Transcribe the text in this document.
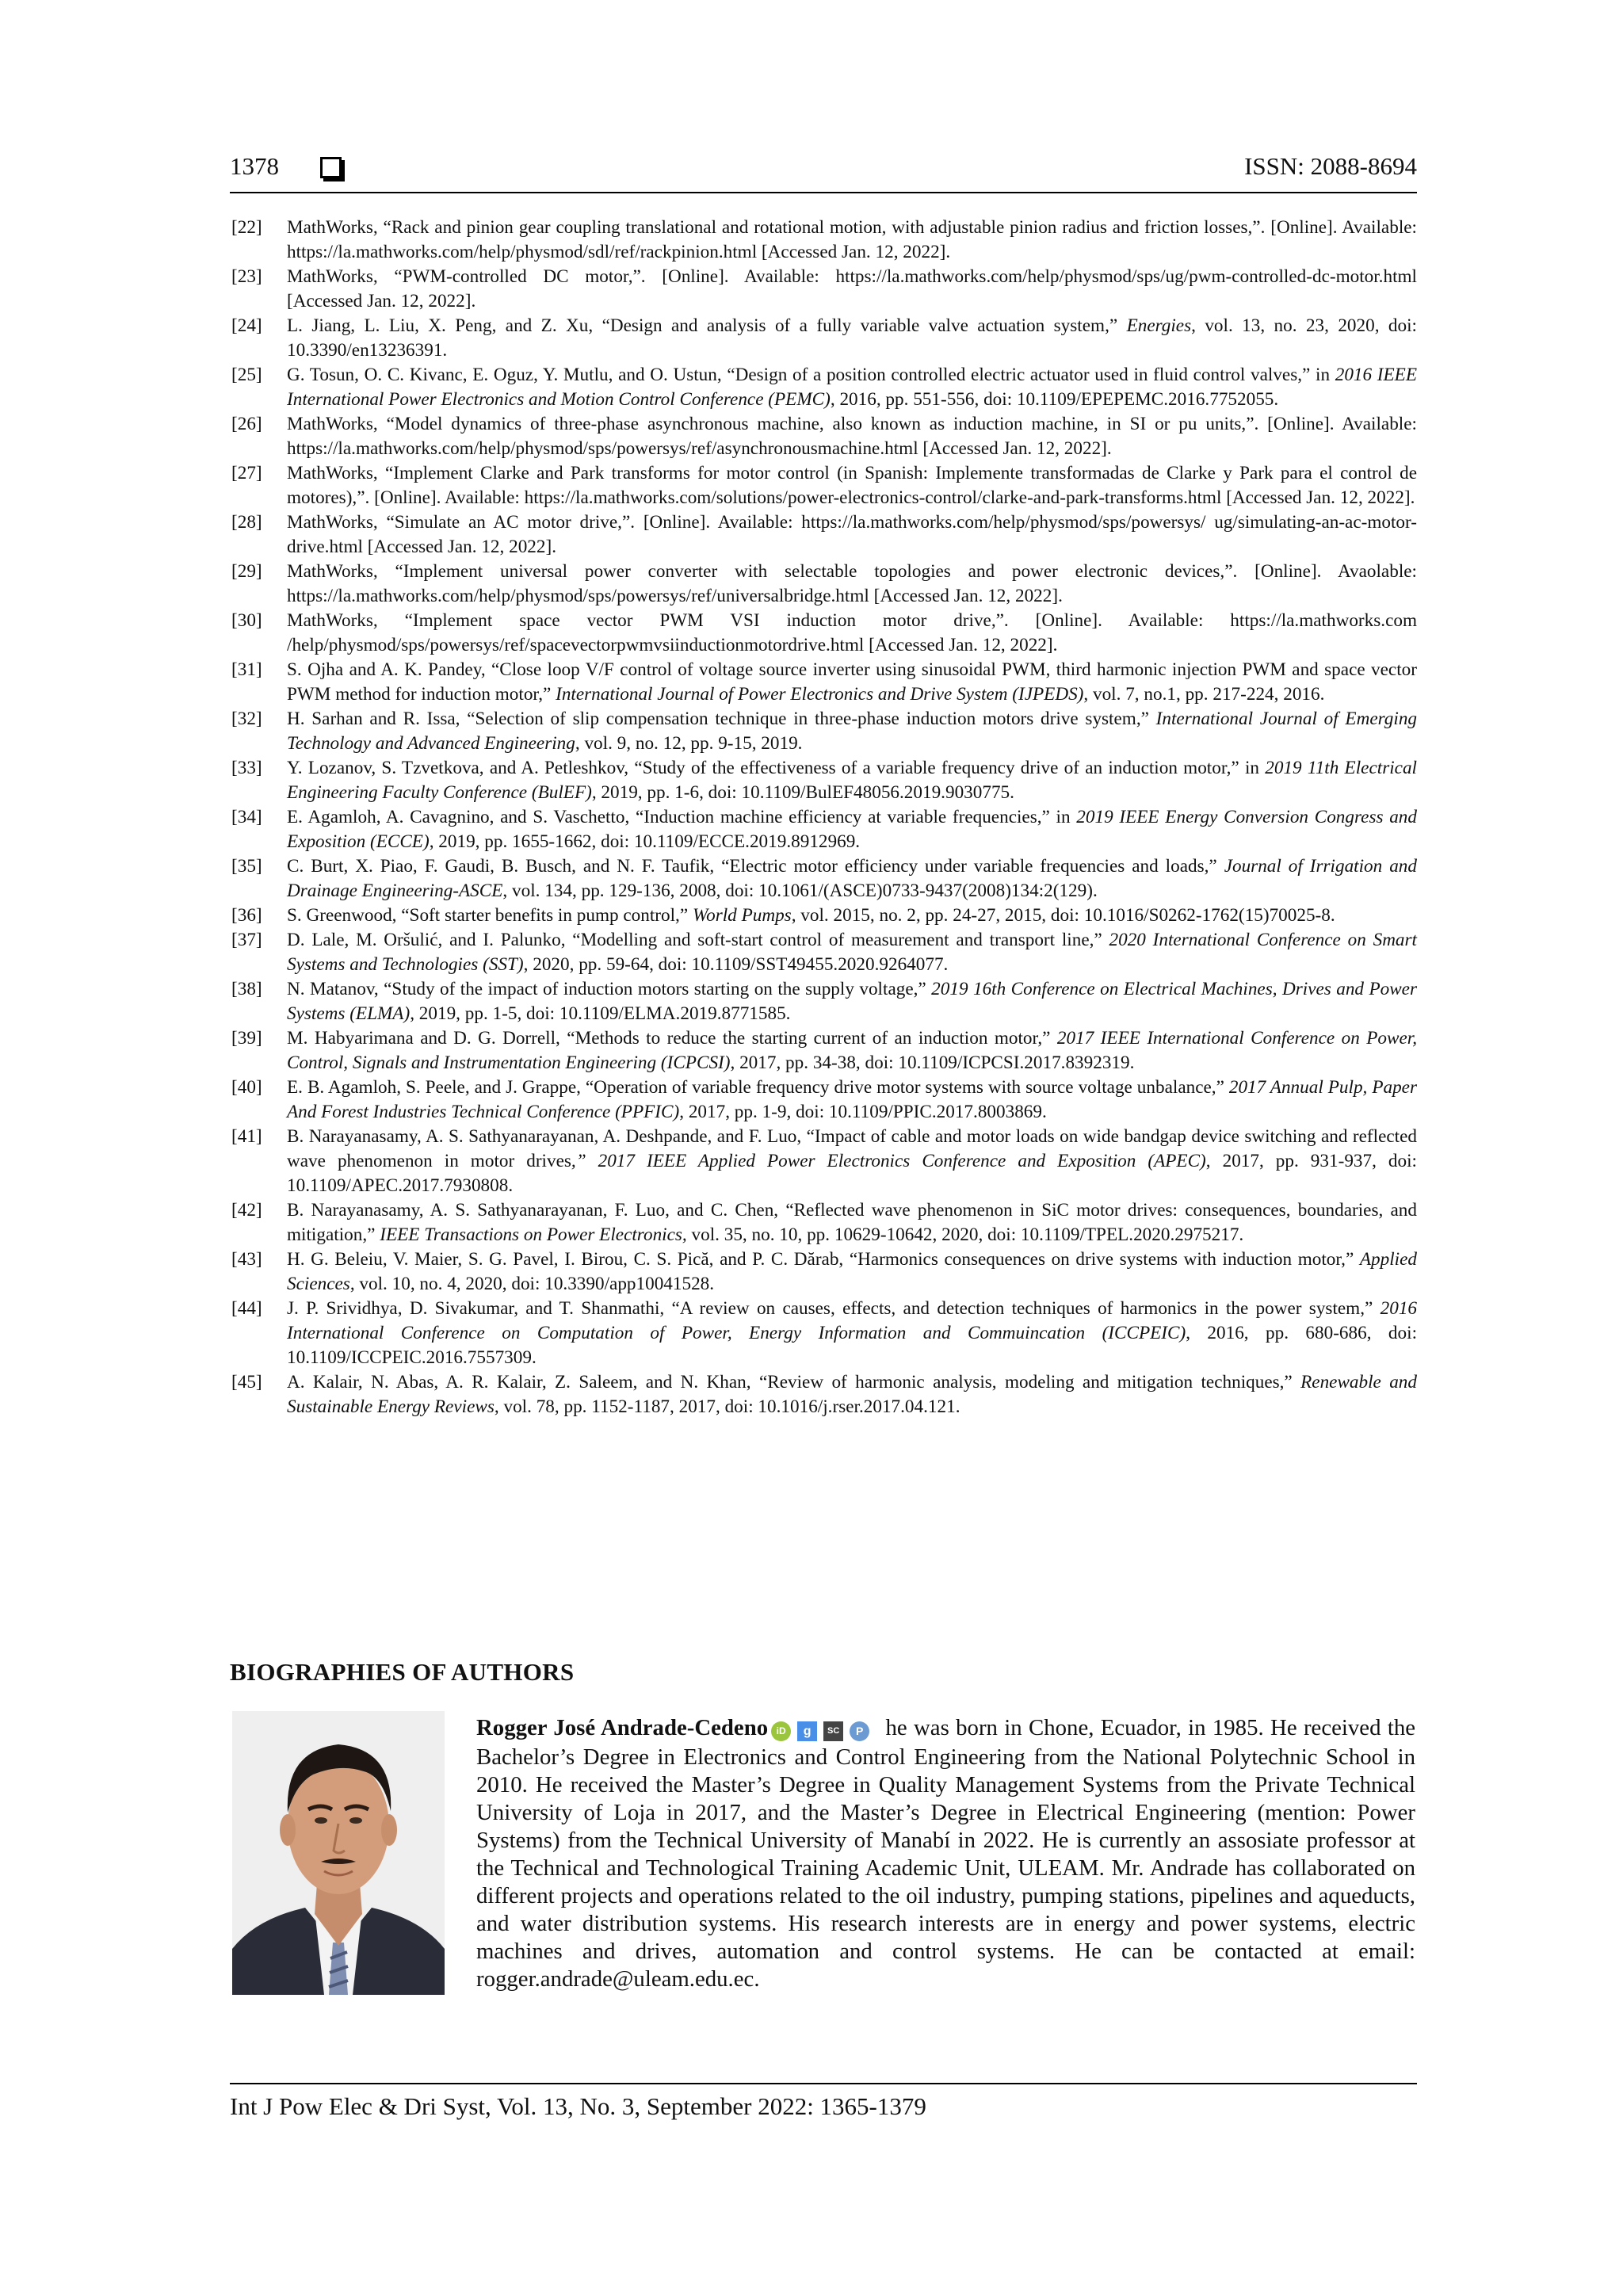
1378	ISSN: 2088-8694
[22] MathWorks, “Rack and pinion gear coupling translational and rotational motion, with adjustable pinion radius and friction losses,”. [Online]. Available: https://la.mathworks.com/help/physmod/sdl/ref/rackpinion.html [Accessed Jan. 12, 2022].
[23] MathWorks, “PWM-controlled DC motor,”. [Online]. Available: https://la.mathworks.com/help/physmod/sps/ug/pwm-controlled-dc-motor.html [Accessed Jan. 12, 2022].
[24] L. Jiang, L. Liu, X. Peng, and Z. Xu, “Design and analysis of a fully variable valve actuation system,” Energies, vol. 13, no. 23, 2020, doi: 10.3390/en13236391.
[25] G. Tosun, O. C. Kivanc, E. Oguz, Y. Mutlu, and O. Ustun, “Design of a position controlled electric actuator used in fluid control valves,” in 2016 IEEE International Power Electronics and Motion Control Conference (PEMC), 2016, pp. 551-556, doi: 10.1109/EPEPEMC.2016.7752055.
[26] MathWorks, “Model dynamics of three-phase asynchronous machine, also known as induction machine, in SI or pu units,”. [Online]. Available: https://la.mathworks.com/help/physmod/sps/powersys/ref/asynchronousmachine.html [Accessed Jan. 12, 2022].
[27] MathWorks, “Implement Clarke and Park transforms for motor control (in Spanish: Implemente transformadas de Clarke y Park para el control de motores),”. [Online]. Available: https://la.mathworks.com/solutions/power-electronics-control/clarke-and-park-transforms.html [Accessed Jan. 12, 2022].
[28] MathWorks, “Simulate an AC motor drive,”. [Online]. Available: https://la.mathworks.com/help/physmod/sps/powersys/ ug/simulating-an-ac-motor-drive.html [Accessed Jan. 12, 2022].
[29] MathWorks, “Implement universal power converter with selectable topologies and power electronic devices,”. [Online]. Avaolable: https://la.mathworks.com/help/physmod/sps/powersys/ref/universalbridge.html [Accessed Jan. 12, 2022].
[30] MathWorks, “Implement space vector PWM VSI induction motor drive,”. [Online]. Available: https://la.mathworks.com /help/physmod/sps/powersys/ref/spacevectorpwmvsiinductionmotordrive.html [Accessed Jan. 12, 2022].
[31] S. Ojha and A. K. Pandey, “Close loop V/F control of voltage source inverter using sinusoidal PWM, third harmonic injection PWM and space vector PWM method for induction motor,” International Journal of Power Electronics and Drive System (IJPEDS), vol. 7, no.1, pp. 217-224, 2016.
[32] H. Sarhan and R. Issa, “Selection of slip compensation technique in three-phase induction motors drive system,” International Journal of Emerging Technology and Advanced Engineering, vol. 9, no. 12, pp. 9-15, 2019.
[33] Y. Lozanov, S. Tzvetkova, and A. Petleshkov, “Study of the effectiveness of a variable frequency drive of an induction motor,” in 2019 11th Electrical Engineering Faculty Conference (BulEF), 2019, pp. 1-6, doi: 10.1109/BulEF48056.2019.9030775.
[34] E. Agamloh, A. Cavagnino, and S. Vaschetto, “Induction machine efficiency at variable frequencies,” in 2019 IEEE Energy Conversion Congress and Exposition (ECCE), 2019, pp. 1655-1662, doi: 10.1109/ECCE.2019.8912969.
[35] C. Burt, X. Piao, F. Gaudi, B. Busch, and N. F. Taufik, “Electric motor efficiency under variable frequencies and loads,” Journal of Irrigation and Drainage Engineering-ASCE, vol. 134, pp. 129-136, 2008, doi: 10.1061/(ASCE)0733-9437(2008)134:2(129).
[36] S. Greenwood, “Soft starter benefits in pump control,” World Pumps, vol. 2015, no. 2, pp. 24-27, 2015, doi: 10.1016/S0262-1762(15)70025-8.
[37] D. Lale, M. Oršulić, and I. Palunko, “Modelling and soft-start control of measurement and transport line,” 2020 International Conference on Smart Systems and Technologies (SST), 2020, pp. 59-64, doi: 10.1109/SST49455.2020.9264077.
[38] N. Matanov, “Study of the impact of induction motors starting on the supply voltage,” 2019 16th Conference on Electrical Machines, Drives and Power Systems (ELMA), 2019, pp. 1-5, doi: 10.1109/ELMA.2019.8771585.
[39] M. Habyarimana and D. G. Dorrell, “Methods to reduce the starting current of an induction motor,” 2017 IEEE International Conference on Power, Control, Signals and Instrumentation Engineering (ICPCSI), 2017, pp. 34-38, doi: 10.1109/ICPCSI.2017.8392319.
[40] E. B. Agamloh, S. Peele, and J. Grappe, “Operation of variable frequency drive motor systems with source voltage unbalance,” 2017 Annual Pulp, Paper And Forest Industries Technical Conference (PPFIC), 2017, pp. 1-9, doi: 10.1109/PPIC.2017.8003869.
[41] B. Narayanasamy, A. S. Sathyanarayanan, A. Deshpande, and F. Luo, “Impact of cable and motor loads on wide bandgap device switching and reflected wave phenomenon in motor drives,” 2017 IEEE Applied Power Electronics Conference and Exposition (APEC), 2017, pp. 931-937, doi: 10.1109/APEC.2017.7930808.
[42] B. Narayanasamy, A. S. Sathyanarayanan, F. Luo, and C. Chen, “Reflected wave phenomenon in SiC motor drives: consequences, boundaries, and mitigation,” IEEE Transactions on Power Electronics, vol. 35, no. 10, pp. 10629-10642, 2020, doi: 10.1109/TPEL.2020.2975217.
[43] H. G. Beleiu, V. Maier, S. G. Pavel, I. Birou, C. S. Pică, and P. C. Dărab, “Harmonics consequences on drive systems with induction motor,” Applied Sciences, vol. 10, no. 4, 2020, doi: 10.3390/app10041528.
[44] J. P. Srividhya, D. Sivakumar, and T. Shanmathi, “A review on causes, effects, and detection techniques of harmonics in the power system,” 2016 International Conference on Computation of Power, Energy Information and Commuincation (ICCPEIC), 2016, pp. 680-686, doi: 10.1109/ICCPEIC.2016.7557309.
[45] A. Kalair, N. Abas, A. R. Kalair, Z. Saleem, and N. Khan, “Review of harmonic analysis, modeling and mitigation techniques,” Renewable and Sustainable Energy Reviews, vol. 78, pp. 1152-1187, 2017, doi: 10.1016/j.rser.2017.04.121.
BIOGRAPHIES OF AUTHORS
Rogger José Andrade-Cedeno iD g SC P he was born in Chone, Ecuador, in 1985. He received the Bachelor’s Degree in Electronics and Control Engineering from the National Polytechnic School in 2010. He received the Master’s Degree in Quality Management Systems from the Private Technical University of Loja in 2017, and the Master’s Degree in Electrical Engineering (mention: Power Systems) from the Technical University of Manabí in 2022. He is currently an assosiate professor at the Technical and Technological Training Academic Unit, ULEAM. Mr. Andrade has collaborated on different projects and operations related to the oil industry, pumping stations, pipelines and aqueducts, and water distribution systems. His research interests are in energy and power systems, electric machines and drives, automation and control systems. He can be contacted at email: rogger.andrade@uleam.edu.ec.
Int J Pow Elec & Dri Syst, Vol. 13, No. 3, September 2022: 1365-1379
